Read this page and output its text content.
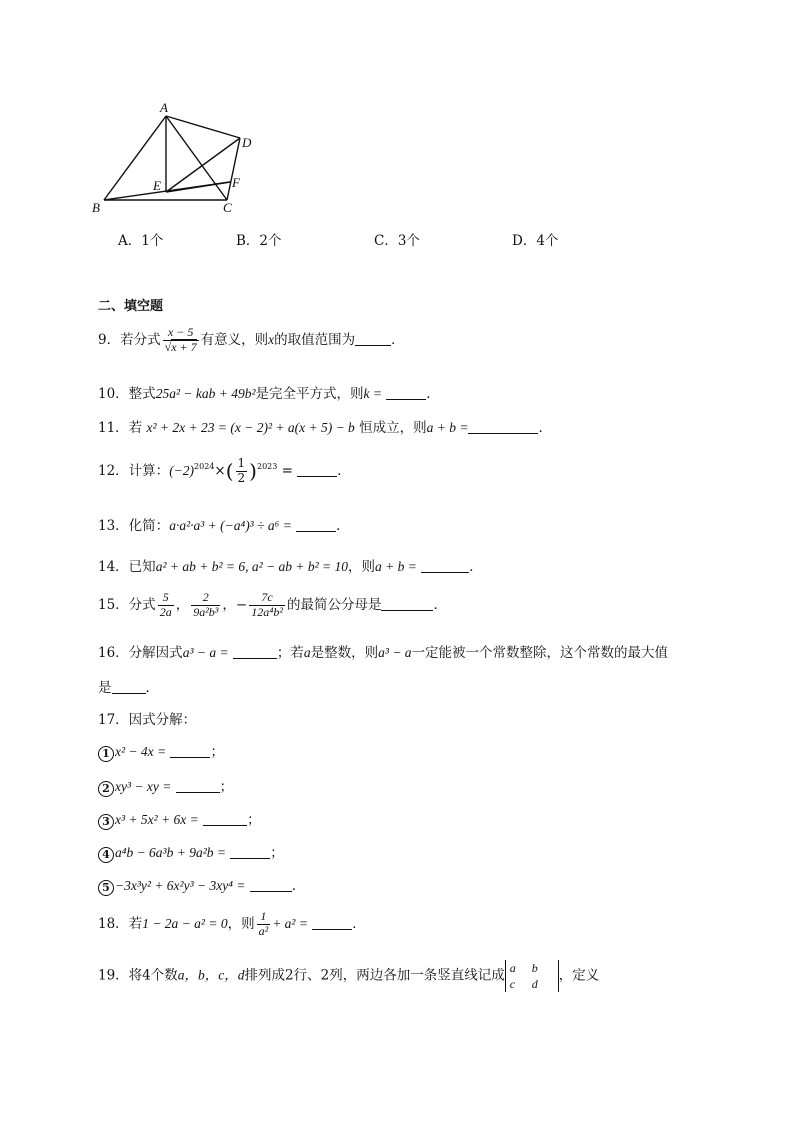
A
B	C
D
E	F
A．1个	B．2个	C．3个	D．4个
二、填空题
9．若分式 $\frac{x - 5}{√x + 7}$ 有意义，则x的取值范围为	．
10．整式25a² − kab + 49b²是完全平方式，则k =	．
11．若 x² + 2x + 23 = (x − 2)² + a(x + 5) − b 恒成立，则a + b =	．
12．计算：$(-2)^{2024}\times( \frac{1}{2} )^{2023}$ =	．
13．化简：a·a²·a³ + (−a⁴)³ ÷ a⁶ =	．
14．已知a² + ab + b² = 6, a² − ab + b² = 10，则a + b =	．
15．分式 $\frac{5}{2a}$ ， $\frac{2}{\text{9a²b³}}$ ，− $\frac{7c}{\text{12a⁴b²}}$ 的最简公分母是	．
16．分解因式a³ − a =	；若a是整数，则a³ − a一定能被一个常数整除，这个常数的最大值
是	．
17．因式分解：
1 x² − 4x =	；
2 xy³ − xy =	；
3 x³ + 5x² + 6x =	；
4 a⁴b − 6a³b + 9a²b =	；
5 −3x³y² + 6x²y³ − 3xy⁴ =	．
18．若1 − 2a − a² = 0，则 $\frac{1}{\text{a²}} + a^2$ =	．
19．将4个数a，b，c，d排列成2行、2列，两边各加一条竖直线记成 a b
c d，定义
